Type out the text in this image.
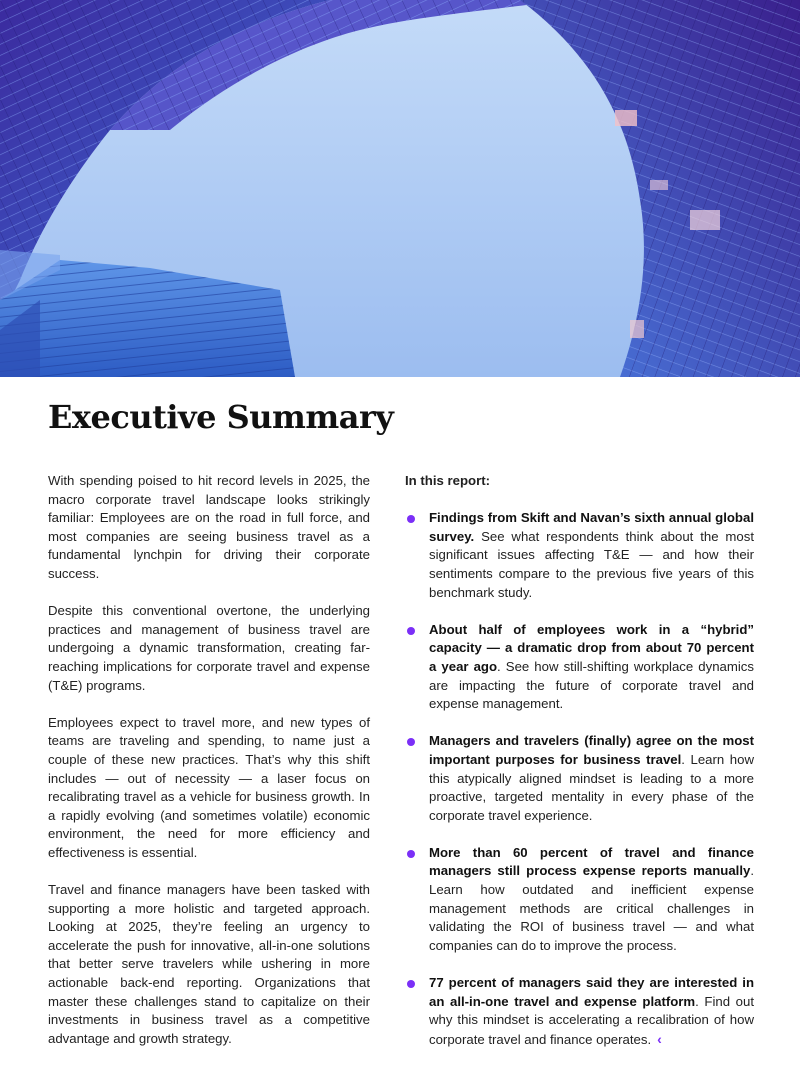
Executive Summary

With spending poised to hit record levels in 2025, the macro corporate travel landscape looks strikingly familiar: Employees are on the road in full force, and most companies are seeing business travel as a fundamental lynchpin for driving their corporate success.

Despite this conventional overtone, the underlying practices and management of business travel are undergoing a dynamic transformation, creating far-reaching implications for corporate travel and expense (T&E) programs.

Employees expect to travel more, and new types of teams are traveling and spending, to name just a couple of these new practices. That’s why this shift includes — out of necessity — a laser focus on recalibrating travel as a vehicle for business growth. In a rapidly evolving (and sometimes volatile) economic environment, the need for more efficiency and effectiveness is essential.

Travel and finance managers have been tasked with supporting a more holistic and targeted approach. Looking at 2025, they’re feeling an urgency to accelerate the push for innovative, all-in-one solutions that better serve travelers while ushering in more actionable back-end reporting. Organizations that master these challenges stand to capitalize on their investments in business travel as a competitive advantage and growth strategy.

In this report:
Findings from Skift and Navan’s sixth annual global survey. See what respondents think about the most significant issues affecting T&E — and how their sentiments compare to the previous five years of this benchmark study.
About half of employees work in a “hybrid” capacity — a dramatic drop from about 70 percent a year ago. See how still-shifting workplace dynamics are impacting the future of corporate travel and expense management.
Managers and travelers (finally) agree on the most important purposes for business travel. Learn how this atypically aligned mindset is leading to a more proactive, targeted mentality in every phase of the corporate travel experience.
More than 60 percent of travel and finance managers still process expense reports manually. Learn how outdated and inefficient expense management methods are critical challenges in validating the ROI of business travel — and what companies can do to improve the process.
77 percent of managers said they are interested in an all-in-one travel and expense platform. Find out why this mindset is accelerating a recalibration of how corporate travel and finance operates. ‹
